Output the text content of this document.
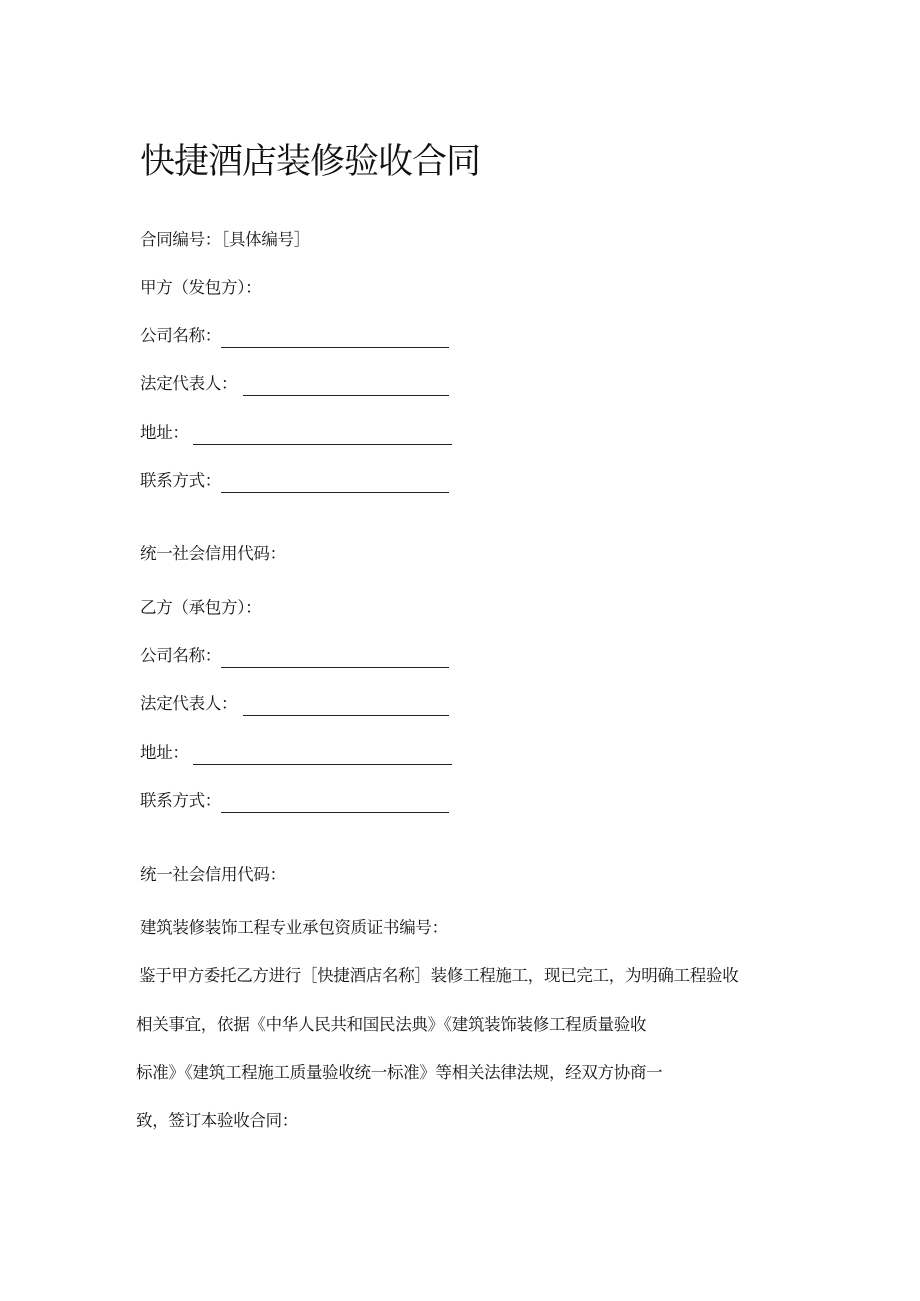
快捷酒店装修验收合同
合同编号：［具体编号］
甲方（发包方）：
公司名称：
法定代表人：
地址：
联系方式：
统一社会信用代码：
乙方（承包方）：
公司名称：
法定代表人：
地址：
联系方式：
统一社会信用代码：
建筑装修装饰工程专业承包资质证书编号：
鉴于甲方委托乙方进行［快捷酒店名称］装修工程施工，现已完工，为明确工程验收
相关事宜，依据《中华人民共和国民法典》《建筑装饰装修工程质量验收
标准》《建筑工程施工质量验收统一标准》等相关法律法规，经双方协商一
致，签订本验收合同：
